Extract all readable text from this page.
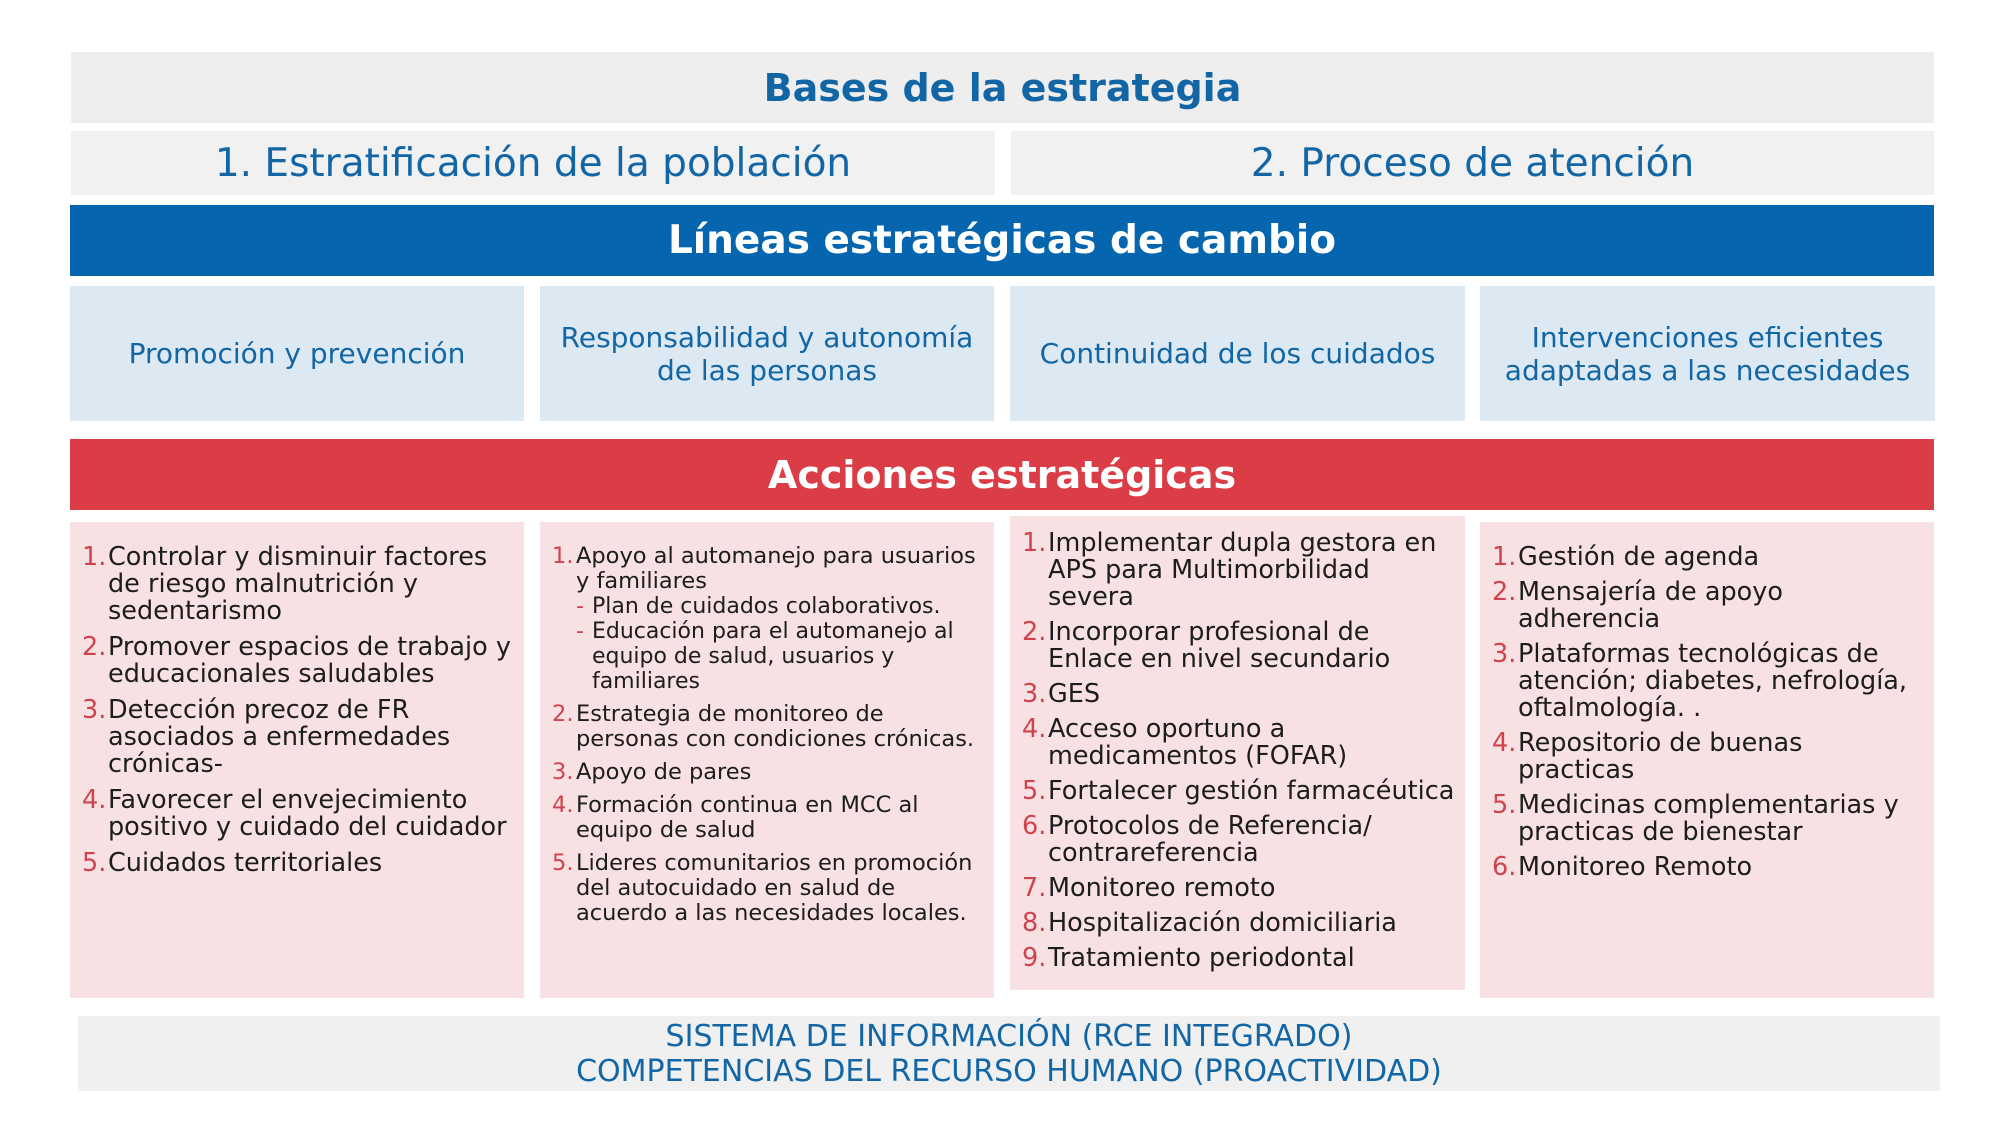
Bases de la estrategia
1. Estratificación de la población	2. Proceso de atención
Líneas estratégicas de cambio
Promoción y prevención	Responsabilidad y autonomía de las personas	Continuidad de los cuidados	Intervenciones eficientes adaptadas a las necesidades
Acciones estratégicas
1. Controlar y disminuir factores de riesgo malnutrición y sedentarismo
2. Promover espacios de trabajo y educacionales saludables
3. Detección precoz de FR asociados a enfermedades crónicas-
4. Favorecer el envejecimiento positivo y cuidado del cuidador
5. Cuidados territoriales
1. Apoyo al automanejo para usuarios y familiares
- Plan de cuidados colaborativos.
- Educación para el automanejo al equipo de salud, usuarios y familiares
2. Estrategia de monitoreo de personas con condiciones crónicas.
3. Apoyo de pares
4. Formación continua en MCC al equipo de salud
5. Lideres comunitarios en promoción del autocuidado en salud de acuerdo a las necesidades locales.
1. Implementar dupla gestora en APS para Multimorbilidad severa
2. Incorporar profesional de Enlace en nivel secundario
3. GES
4. Acceso oportuno a medicamentos (FOFAR)
5. Fortalecer gestión farmacéutica
6. Protocolos de Referencia/ contrareferencia
7. Monitoreo remoto
8. Hospitalización domiciliaria
9. Tratamiento periodontal
1. Gestión de agenda
2. Mensajería de apoyo adherencia
3. Plataformas tecnológicas de atención; diabetes, nefrología, oftalmología. .
4. Repositorio de buenas practicas
5. Medicinas complementarias y practicas de bienestar
6. Monitoreo Remoto
SISTEMA DE INFORMACIÓN (RCE INTEGRADO)
COMPETENCIAS DEL RECURSO HUMANO (PROACTIVIDAD)
